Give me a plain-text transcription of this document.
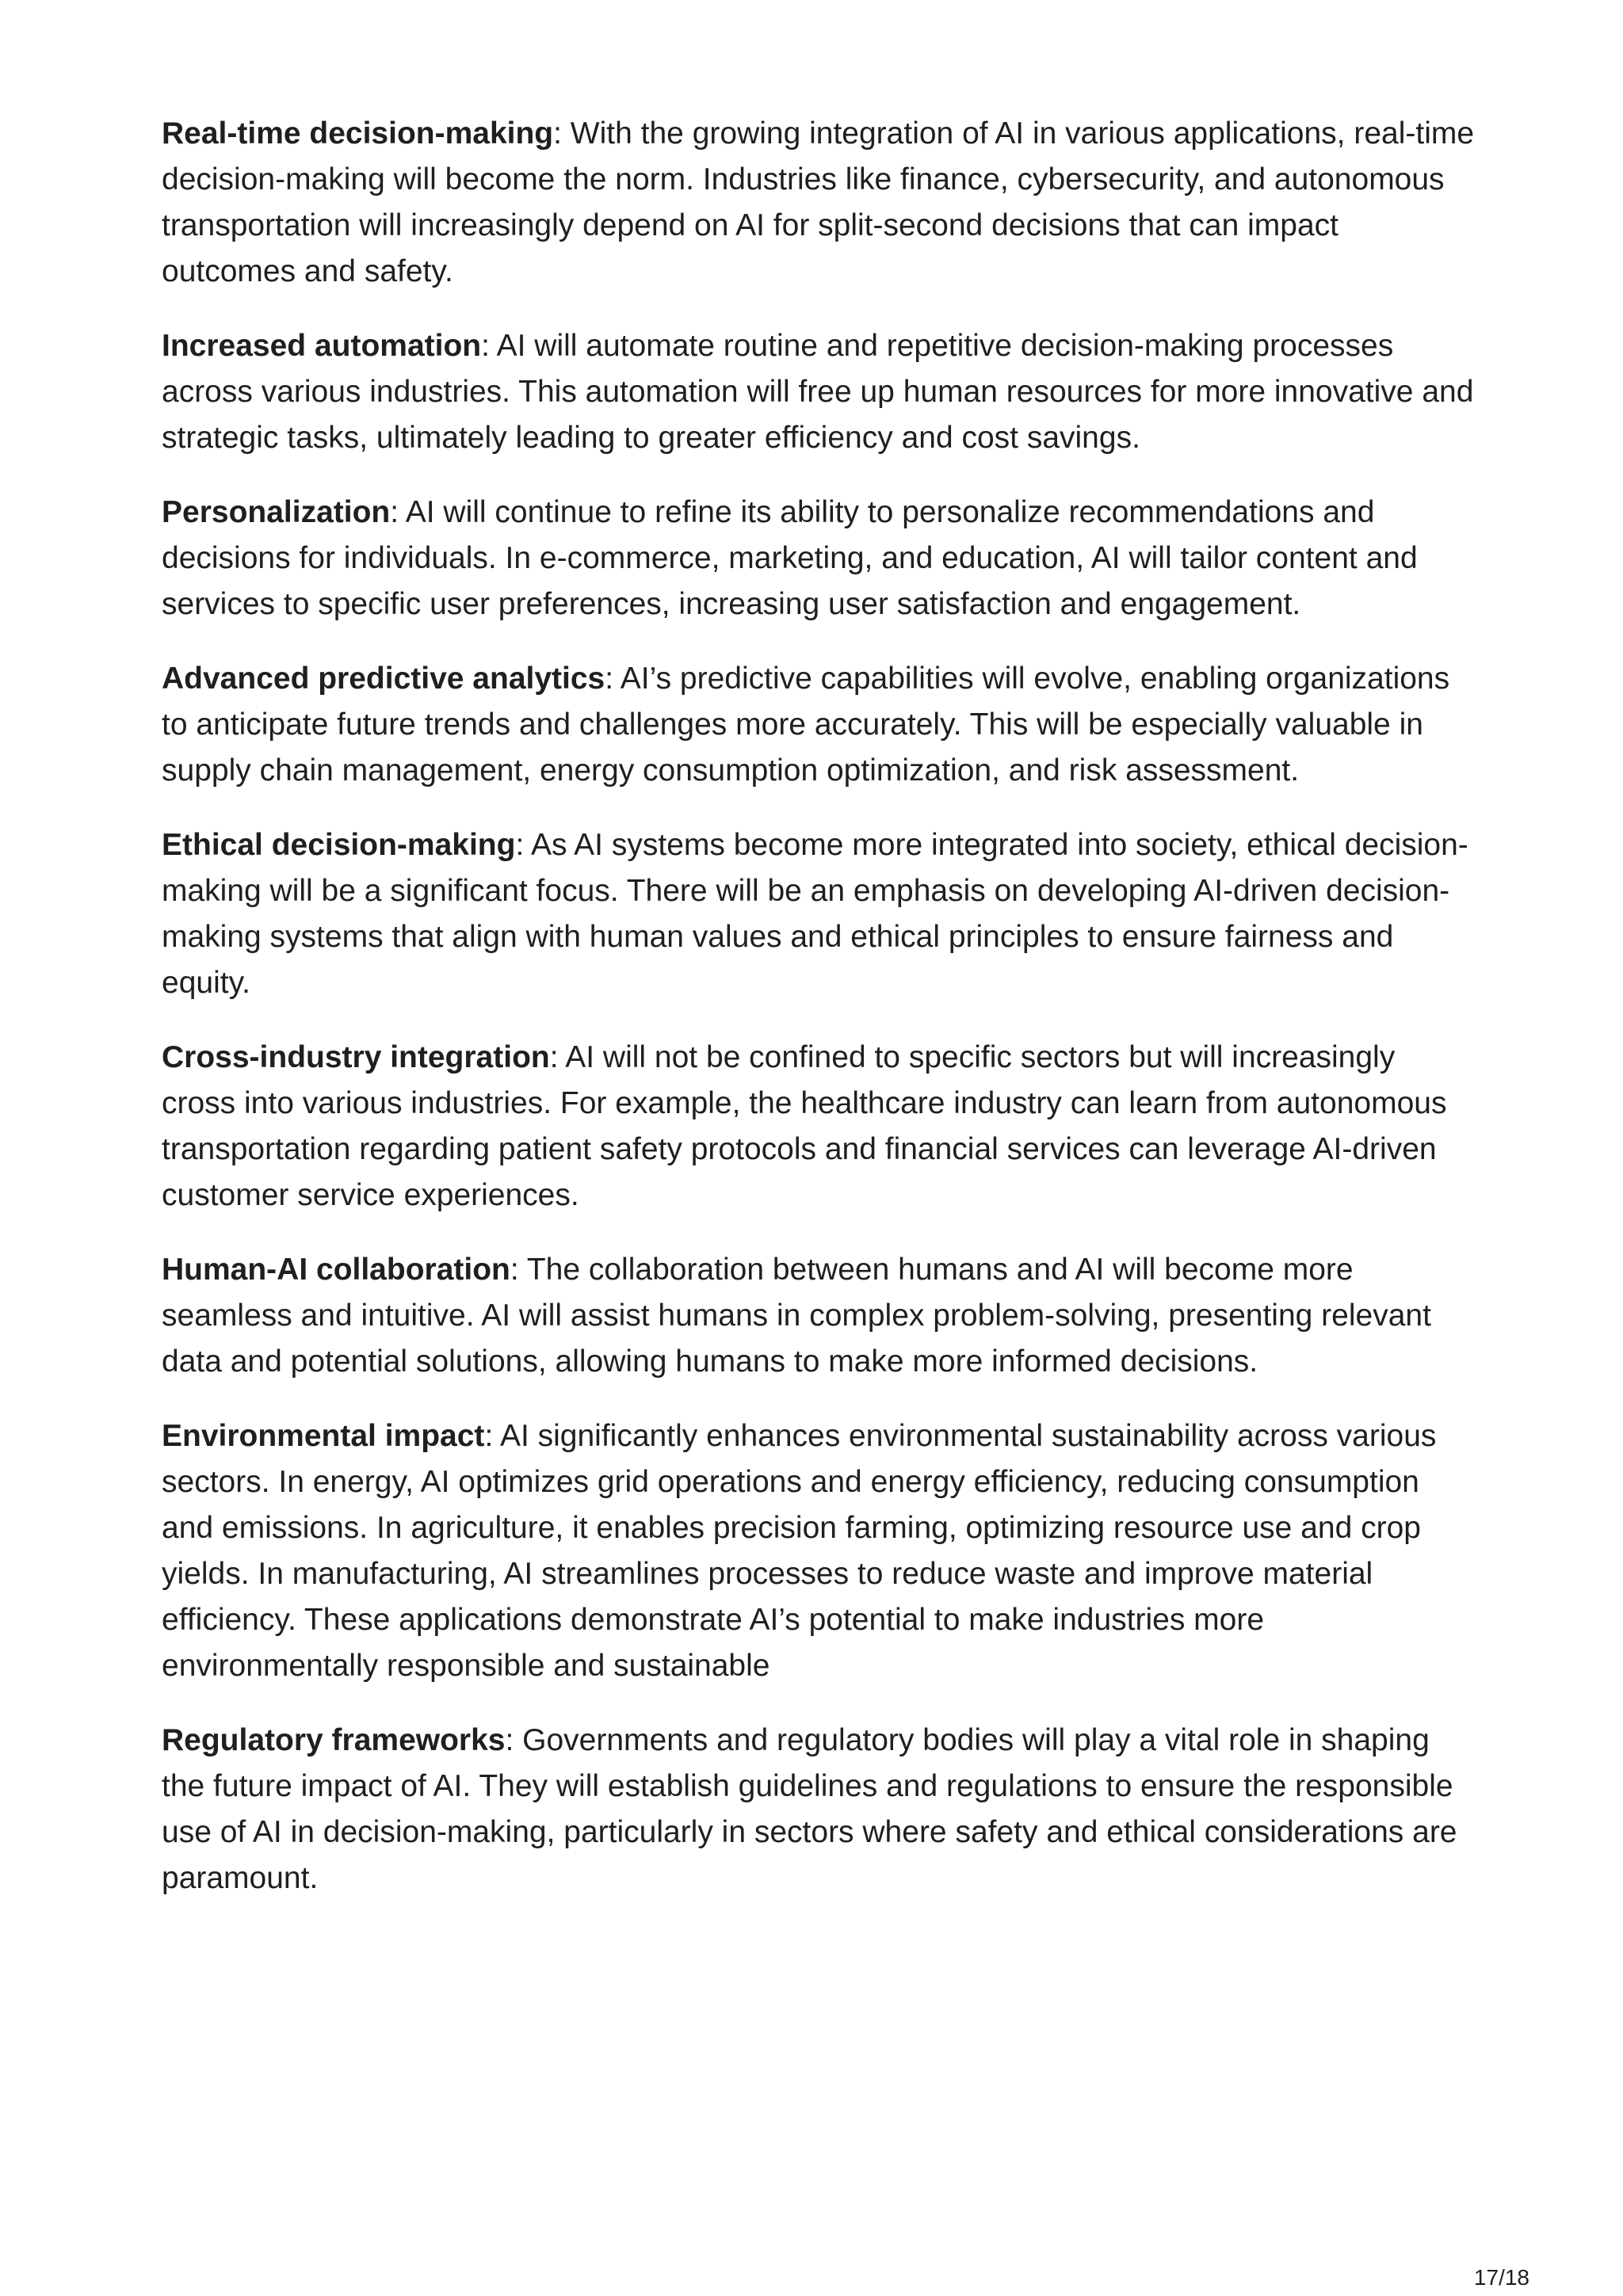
Real-time decision-making: With the growing integration of AI in various applications, real-time decision-making will become the norm. Industries like finance, cybersecurity, and autonomous transportation will increasingly depend on AI for split-second decisions that can impact outcomes and safety.

Increased automation: AI will automate routine and repetitive decision-making processes across various industries. This automation will free up human resources for more innovative and strategic tasks, ultimately leading to greater efficiency and cost savings.

Personalization: AI will continue to refine its ability to personalize recommendations and decisions for individuals. In e-commerce, marketing, and education, AI will tailor content and services to specific user preferences, increasing user satisfaction and engagement.

Advanced predictive analytics: AI’s predictive capabilities will evolve, enabling organizations to anticipate future trends and challenges more accurately. This will be especially valuable in supply chain management, energy consumption optimization, and risk assessment.

Ethical decision-making: As AI systems become more integrated into society, ethical decision-making will be a significant focus. There will be an emphasis on developing AI-driven decision-making systems that align with human values and ethical principles to ensure fairness and equity.

Cross-industry integration: AI will not be confined to specific sectors but will increasingly cross into various industries. For example, the healthcare industry can learn from autonomous transportation regarding patient safety protocols and financial services can leverage AI-driven customer service experiences.

Human-AI collaboration: The collaboration between humans and AI will become more seamless and intuitive. AI will assist humans in complex problem-solving, presenting relevant data and potential solutions, allowing humans to make more informed decisions.

Environmental impact: AI significantly enhances environmental sustainability across various sectors. In energy, AI optimizes grid operations and energy efficiency, reducing consumption and emissions. In agriculture, it enables precision farming, optimizing resource use and crop yields. In manufacturing, AI streamlines processes to reduce waste and improve material efficiency. These applications demonstrate AI’s potential to make industries more environmentally responsible and sustainable

Regulatory frameworks: Governments and regulatory bodies will play a vital role in shaping the future impact of AI. They will establish guidelines and regulations to ensure the responsible use of AI in decision-making, particularly in sectors where safety and ethical considerations are paramount.

17/18
